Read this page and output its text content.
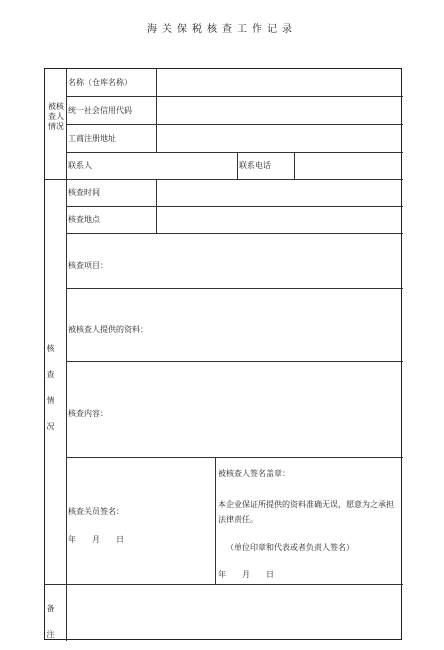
海关保税核查工作记录
被核查人情况
名称（仓库名称）
统一社会信用代码
工商注册地址
联系人	联系电话
核查情况
核查时间
核查地点
核查项目：
被核查人提供的资料：
核查内容：
核查关员签名：
年　　月　　日
被核查人签名盖章：
本企业保证所提供的资料准确无误，愿意为之承担法律责任。
（单位印章和代表或者负责人签名）
年　　月　　日
备注
